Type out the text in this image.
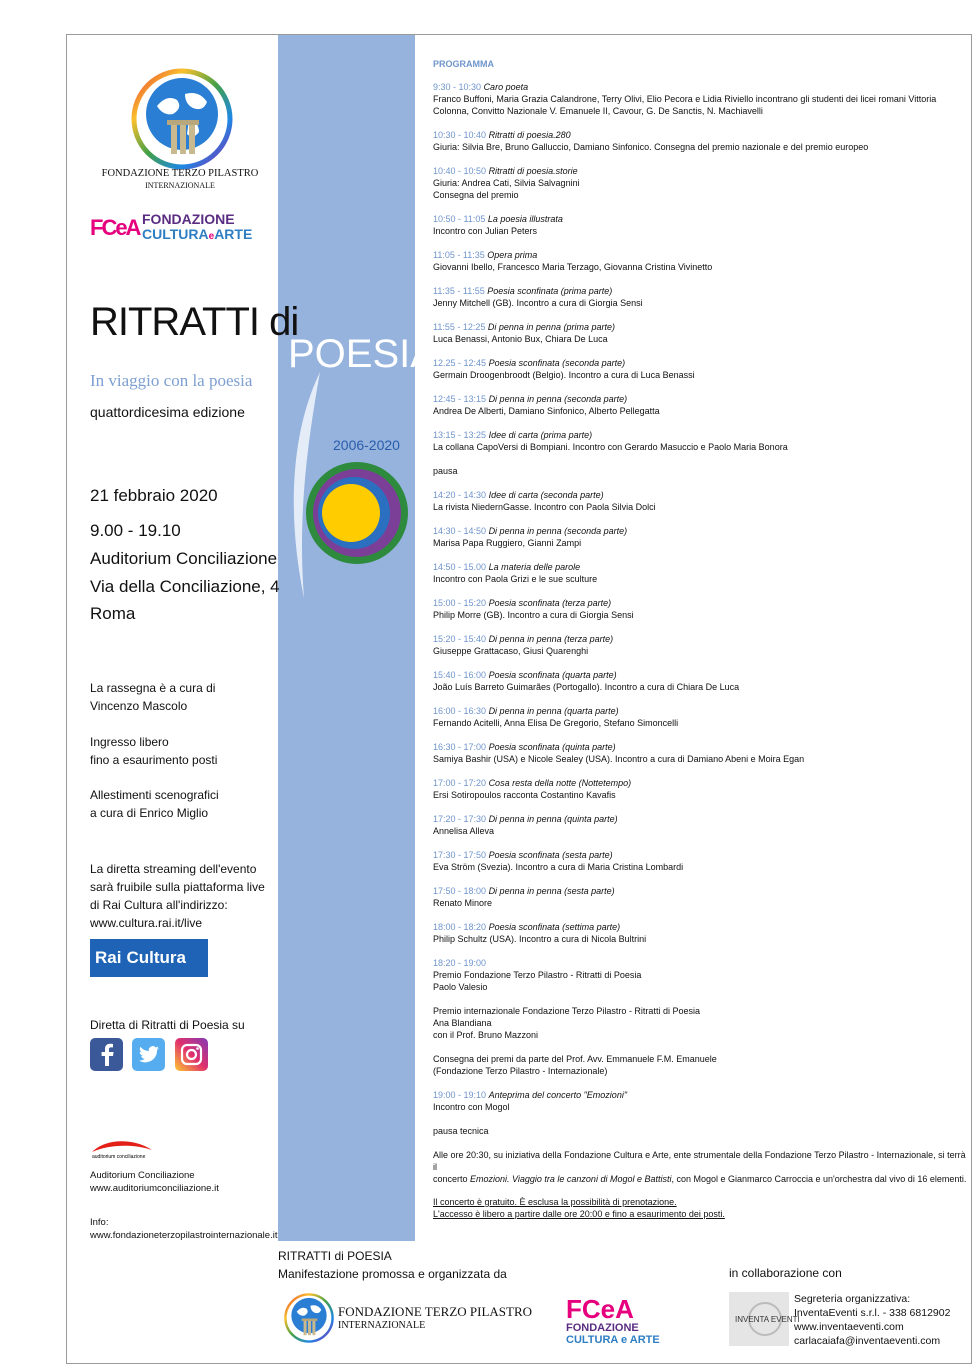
FONDAZIONE TERZO PILASTRO
INTERNAZIONALE
FCeA FONDAZIONE
CULTURAeARTE
RITRATTI di
POESIA
In viaggio con la poesia
quattordicesima edizione
2006-2020
21 febbraio 2020
9.00 - 19.10
Auditorium Conciliazione
Via della Conciliazione, 4
Roma
La rassegna è a cura di
Vincenzo Mascolo
Ingresso libero
fino a esaurimento posti
Allestimenti scenografici
a cura di Enrico Miglio
La diretta streaming dell'evento
sarà fruibile sulla piattaforma live
di Rai Cultura all'indirizzo:
www.cultura.rai.it/live
Rai Cultura
Diretta di Ritratti di Poesia su
auditorium conciliazione
Auditorium Conciliazione
www.auditoriumconciliazione.it
Info:
www.fondazioneterzopilastrointernazionale.it
PROGRAMMA
9:30 - 10:30 Caro poeta
Franco Buffoni, Maria Grazia Calandrone, Terry Olivi, Elio Pecora e Lidia Riviello incontrano gli studenti dei licei romani Vittoria
Colonna, Convitto Nazionale V. Emanuele II, Cavour, G. De Sanctis, N. Machiavelli
10:30 - 10:40 Ritratti di poesia.280
Giuria: Silvia Bre, Bruno Galluccio, Damiano Sinfonico. Consegna del premio nazionale e del premio europeo
10:40 - 10:50 Ritratti di poesia.storie
Giuria: Andrea Cati, Silvia Salvagnini
Consegna del premio
10:50 - 11:05 La poesia illustrata
Incontro con Julian Peters
11:05 - 11:35 Opera prima
Giovanni Ibello, Francesco Maria Terzago, Giovanna Cristina Vivinetto
11:35 - 11:55 Poesia sconfinata (prima parte)
Jenny Mitchell (GB). Incontro a cura di Giorgia Sensi
11:55 - 12:25 Di penna in penna (prima parte)
Luca Benassi, Antonio Bux, Chiara De Luca
12.25 - 12:45 Poesia sconfinata (seconda parte)
Germain Droogenbroodt (Belgio). Incontro a cura di Luca Benassi
12:45 - 13:15 Di penna in penna (seconda parte)
Andrea De Alberti, Damiano Sinfonico, Alberto Pellegatta
13:15 - 13:25 Idee di carta (prima parte)
La collana CapoVersi di Bompiani. Incontro con Gerardo Masuccio e Paolo Maria Bonora
pausa
14:20 - 14:30 Idee di carta (seconda parte)
La rivista NiedernGasse. Incontro con Paola Silvia Dolci
14:30 - 14:50 Di penna in penna (seconda parte)
Marisa Papa Ruggiero, Gianni Zampi
14:50 - 15.00 La materia delle parole
Incontro con Paola Grizi e le sue sculture
15:00 - 15:20 Poesia sconfinata (terza parte)
Philip Morre (GB). Incontro a cura di Giorgia Sensi
15:20 - 15:40 Di penna in penna (terza parte)
Giuseppe Grattacaso, Giusi Quarenghi
15:40 - 16:00 Poesia sconfinata (quarta parte)
João Luís Barreto Guimarães (Portogallo). Incontro a cura di Chiara De Luca
16:00 - 16:30 Di penna in penna (quarta parte)
Fernando Acitelli, Anna Elisa De Gregorio, Stefano Simoncelli
16:30 - 17:00 Poesia sconfinata (quinta parte)
Samiya Bashir (USA) e Nicole Sealey (USA). Incontro a cura di Damiano Abeni e Moira Egan
17:00 - 17:20 Cosa resta della notte (Nottetempo)
Ersi Sotiropoulos racconta Costantino Kavafis
17:20 - 17:30 Di penna in penna (quinta parte)
Annelisa Alleva
17:30 - 17:50 Poesia sconfinata (sesta parte)
Eva Ström (Svezia). Incontro a cura di Maria Cristina Lombardi
17:50 - 18:00 Di penna in penna (sesta parte)
Renato Minore
18:00 - 18:20 Poesia sconfinata (settima parte)
Philip Schultz (USA). Incontro a cura di Nicola Bultrini
18:20 - 19:00
Premio Fondazione Terzo Pilastro - Ritratti di Poesia
Paolo Valesio
Premio internazionale Fondazione Terzo Pilastro - Ritratti di Poesia
Ana Blandiana
con il Prof. Bruno Mazzoni
Consegna dei premi da parte del Prof. Avv. Emmanuele F.M. Emanuele
(Fondazione Terzo Pilastro - Internazionale)
19:00 - 19:10 Anteprima del concerto "Emozioni"
Incontro con Mogol
pausa tecnica

Alle ore 20:30, su iniziativa della Fondazione Cultura e Arte, ente strumentale della Fondazione Terzo Pilastro - Internazionale, si terrà il
concerto Emozioni. Viaggio tra le canzoni di Mogol e Battisti, con Mogol e Gianmarco Carroccia e un'orchestra dal vivo di 16 elementi.

Il concerto è gratuito. È esclusa la possibilità di prenotazione.
L'accesso è libero a partire dalle ore 20:00 e fino a esaurimento dei posti.

RITRATTI di POESIA
Manifestazione promossa e organizzata da
FONDAZIONE TERZO PILASTRO
INTERNAZIONALE
FCeA
FONDAZIONE
CULTURA e ARTE
in collaborazione con
INVENTA EVENTI
Segreteria organizzativa:
InventaEventi s.r.l. - 338 6812902
www.inventaeventi.com
carlacaiafa@inventaeventi.com
